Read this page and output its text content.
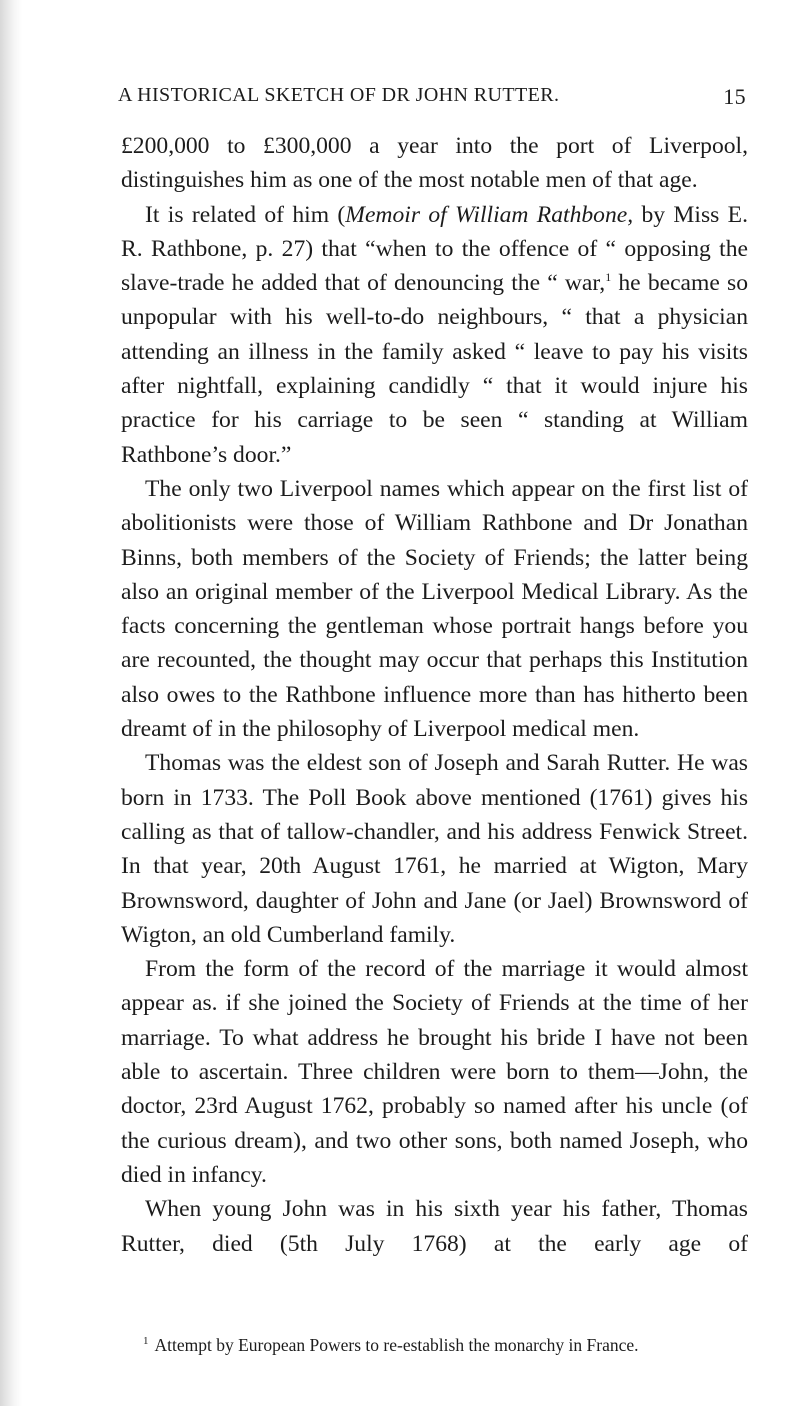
A HISTORICAL SKETCH OF DR JOHN RUTTER.	15

£200,000 to £300,000 a year into the port of Liverpool, distinguishes him as one of the most notable men of that age.

It is related of him (Memoir of William Rathbone, by Miss E. R. Rathbone, p. 27) that “when to the offence of “ opposing the slave-trade he added that of denouncing the “ war,$^1$ he became so unpopular with his well-to-do neighbours, “ that a physician attending an illness in the family asked “ leave to pay his visits after nightfall, explaining candidly “ that it would injure his practice for his carriage to be seen “ standing at William Rathbone’s door.”

The only two Liverpool names which appear on the first list of abolitionists were those of William Rathbone and Dr Jonathan Binns, both members of the Society of Friends; the latter being also an original member of the Liverpool Medical Library. As the facts concerning the gentleman whose portrait hangs before you are recounted, the thought may occur that perhaps this Institution also owes to the Rathbone influence more than has hitherto been dreamt of in the philosophy of Liverpool medical men.

Thomas was the eldest son of Joseph and Sarah Rutter. He was born in 1733. The Poll Book above mentioned (1761) gives his calling as that of tallow-chandler, and his address Fenwick Street. In that year, 20th August 1761, he married at Wigton, Mary Brownsword, daughter of John and Jane (or Jael) Brownsword of Wigton, an old Cumberland family.

From the form of the record of the marriage it would almost appear as. if she joined the Society of Friends at the time of her marriage. To what address he brought his bride I have not been able to ascertain. Three children were born to them—John, the doctor, 23rd August 1762, probably so named after his uncle (of the curious dream), and two other sons, both named Joseph, who died in infancy.

When young John was in his sixth year his father, Thomas Rutter, died (5th July 1768) at the early age of

$^1$ Attempt by European Powers to re-establish the monarchy in France.
